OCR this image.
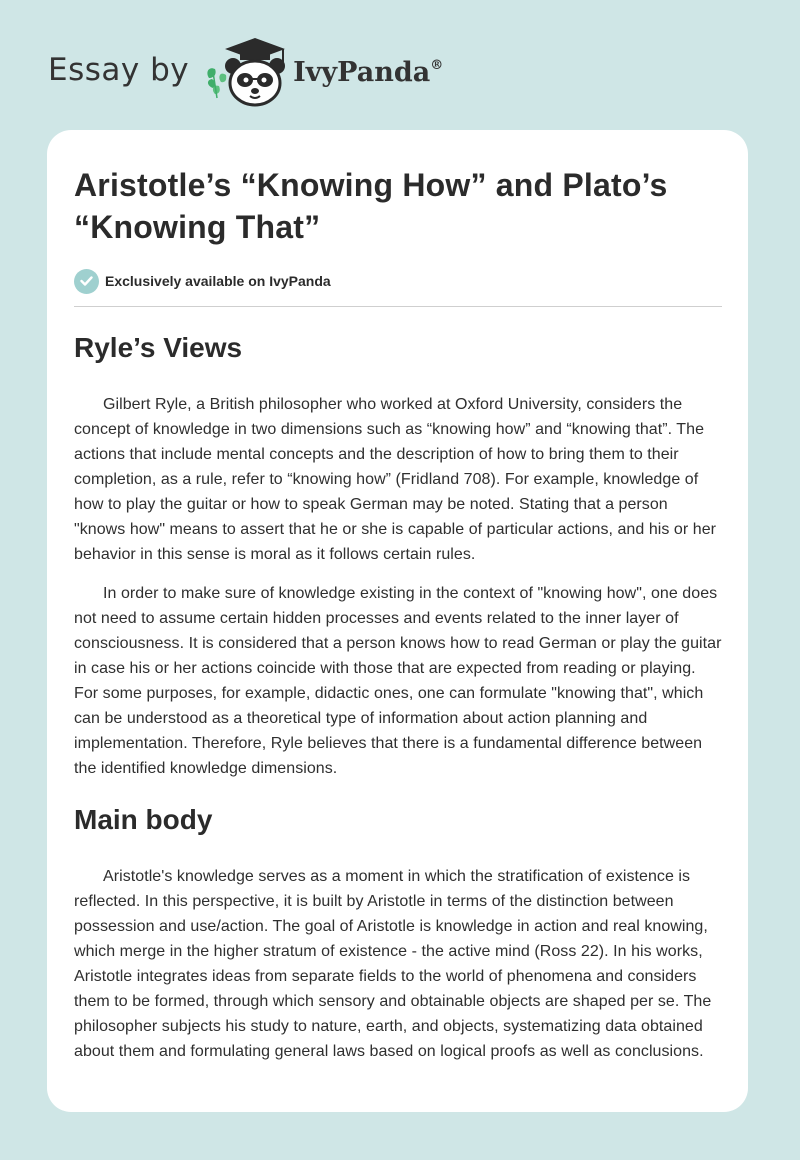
Essay by	IvyPanda®
Aristotle’s “Knowing How” and Plato’s “Knowing That”
Exclusively available on IvyPanda
Ryle’s Views

Gilbert Ryle, a British philosopher who worked at Oxford University, considers the concept of knowledge in two dimensions such as “knowing how” and “knowing that”. The actions that include mental concepts and the description of how to bring them to their completion, as a rule, refer to “knowing how” (Fridland 708). For example, knowledge of how to play the guitar or how to speak German may be noted. Stating that a person "knows how" means to assert that he or she is capable of particular actions, and his or her behavior in this sense is moral as it follows certain rules.

In order to make sure of knowledge existing in the context of "knowing how", one does not need to assume certain hidden processes and events related to the inner layer of consciousness. It is considered that a person knows how to read German or play the guitar in case his or her actions coincide with those that are expected from reading or playing. For some purposes, for example, didactic ones, one can formulate "knowing that", which can be understood as a theoretical type of information about action planning and implementation. Therefore, Ryle believes that there is a fundamental difference between the identified knowledge dimensions.

Main body

Aristotle's knowledge serves as a moment in which the stratification of existence is reflected. In this perspective, it is built by Aristotle in terms of the distinction between possession and use/action. The goal of Aristotle is knowledge in action and real knowing, which merge in the higher stratum of existence - the active mind (Ross 22). In his works, Aristotle integrates ideas from separate fields to the world of phenomena and considers them to be formed, through which sensory and obtainable objects are shaped per se. The philosopher subjects his study to nature, earth, and objects, systematizing data obtained about them and formulating general laws based on logical proofs as well as conclusions.
